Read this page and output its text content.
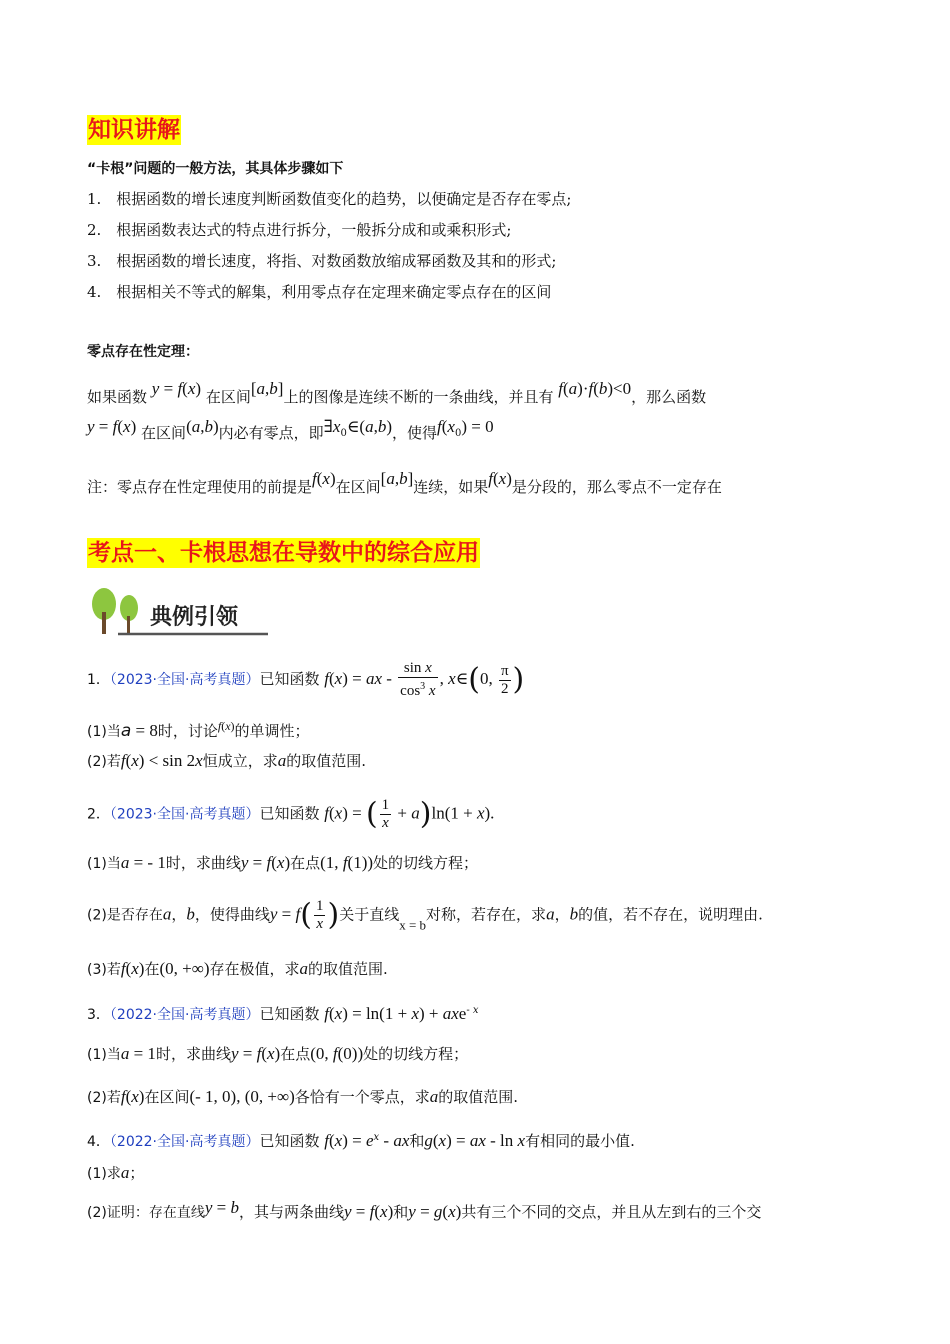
知识讲解
“卡根”问题的一般方法，其具体步骤如下
1. 根据函数的增长速度判断函数值变化的趋势，以便确定是否存在零点;
2. 根据函数表达式的特点进行拆分，一般拆分成和或乘积形式;
3. 根据函数的增长速度，将指、对数函数放缩成幂函数及其和的形式;
4. 根据相关不等式的解集，利用零点存在定理来确定零点存在的区间
零点存在性定理：
如果函数 y = f(x) 在区间[a,b]上的图像是连续不断的一条曲线，并且有 f(a)·f(b)<0，那么函数
y = f(x) 在区间(a,b)内必有零点，即$\exists x_0\in(a,b)$，使得$f(x_0) = 0$
注：零点存在性定理使用的前提是f(x)在区间[a,b]连续，如果f(x)是分段的，那么零点不一定存在
考点一、卡根思想在导数中的综合应用
典例引领
1．（2023·全国·高考真题）已知函数 f(x) = ax - $\frac{\text{sin x}}{\cos^3 x}$ , x∈(0, $\frac{\pi}{2}$ )
(1)当a = 8时，讨论$^{f(x)}$的单调性；
(2)若f(x) < sin 2x恒成立，求a的取值范围.
2．（2023·全国·高考真题）已知函数 f(x) = ( $\frac{1}{x} + a)\ln(1 + x)$.
(1)当a = - 1时，求曲线y = f(x)在点(1, f(1))处的切线方程；
(2)是否存在a，b，使得曲线$y = f( \frac{1}{x}$ )关于直线x = b对称，若存在，求a，b的值，若不存在，说明理由.
(3)若f(x)在(0, +∞)存在极值，求a的取值范围.
3．（2022·全国·高考真题）已知函数 f(x) = ln(1 + x) + axe$^{- x}$
(1)当a = 1时，求曲线y = f(x)在点(0, f(0))处的切线方程；
(2)若f(x)在区间(- 1, 0), (0, +∞)各恰有一个零点，求a的取值范围.
4．（2022·全国·高考真题）已知函数 $f(x) = e^x$ - ax和g(x) = ax - ln x有相同的最小值.
(1)求a；
(2)证明：存在直线y = b，其与两条曲线y = f(x)和y = g(x)共有三个不同的交点，并且从左到右的三个交
